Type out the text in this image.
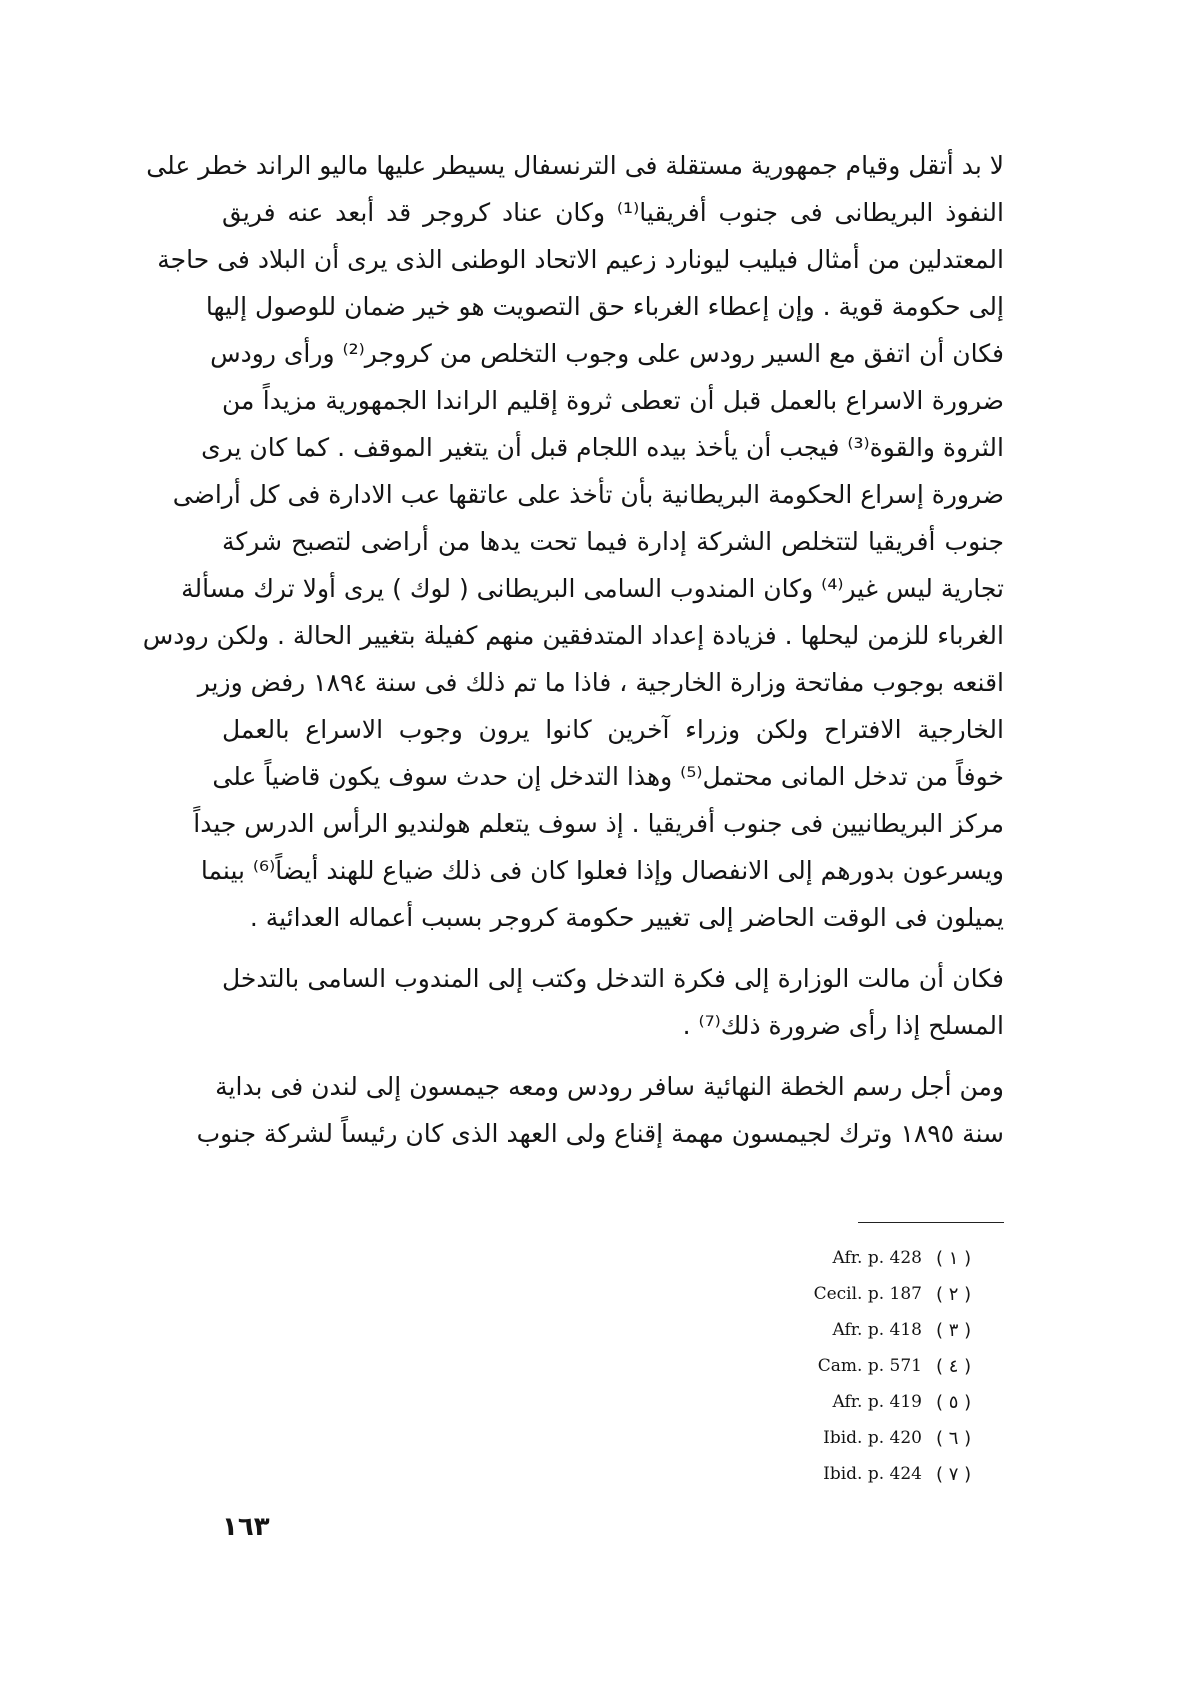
لا بد أتقل وقيام جمهورية مستقلة فى الترنسفال يسيطر عليها ماليو الراند خطر على
النفوذ البريطانى فى جنوب أفريقيا⁽¹⁾ وكان عناد كروجر قد أبعد عنه فريق
المعتدلين من أمثال فيليب ليونارد زعيم الاتحاد الوطنى الذى يرى أن البلاد فى حاجة
إلى حكومة قوية . وإن إعطاء الغرباء حق التصويت هو خير ضمان للوصول إليها
فكان أن اتفق مع السير رودس على وجوب التخلص من كروجر⁽²⁾ ورأى رودس
ضرورة الاسراع بالعمل قبل أن تعطى ثروة إقليم الراندا الجمهورية مزيداً من
الثروة والقوة⁽³⁾ فيجب أن يأخذ بيده اللجام قبل أن يتغير الموقف . كما كان يرى
ضرورة إسراع الحكومة البريطانية بأن تأخذ على عاتقها عب الادارة فى كل أراضى
جنوب أفريقيا لتتخلص الشركة إدارة فيما تحت يدها من أراضى لتصبح شركة
تجارية ليس غير⁽⁴⁾ وكان المندوب السامى البريطانى ( لوك ) يرى أولا ترك مسألة
الغرباء للزمن ليحلها . فزيادة إعداد المتدفقين منهم كفيلة بتغيير الحالة . ولكن رودس
اقنعه بوجوب مفاتحة وزارة الخارجية ، فاذا ما تم ذلك فى سنة ١٨٩٤ رفض وزير
الخارجية الافتراح ولكن وزراء آخرين كانوا يرون وجوب الاسراع بالعمل
خوفاً من تدخل المانى محتمل⁽⁵⁾ وهذا التدخل إن حدث سوف يكون قاضياً على
مركز البريطانيين فى جنوب أفريقيا . إذ سوف يتعلم هولنديو الرأس الدرس جيداً
ويسرعون بدورهم إلى الانفصال وإذا فعلوا كان فى ذلك ضياع للهند أيضاً⁽⁶⁾ بينما
يميلون فى الوقت الحاضر إلى تغيير حكومة كروجر بسبب أعماله العدائية .
فكان أن مالت الوزارة إلى فكرة التدخل وكتب إلى المندوب السامى بالتدخل
المسلح إذا رأى ضرورة ذلك⁽⁷⁾ .
ومن أجل رسم الخطة النهائية سافر رودس ومعه جيمسون إلى لندن فى بداية
سنة ١٨٩٥ وترك لجيمسون مهمة إقناع ولى العهد الذى كان رئيساً لشركة جنوب
Afr. p. 428 ( ١ )
Cecil. p. 187 ( ٢ )
Afr. p. 418 ( ٣ )
Cam. p. 571 ( ٤ )
Afr. p. 419 ( ٥ )
Ibid. p. 420 ( ٦ )
Ibid. p. 424 ( ٧ )
١٦٣
